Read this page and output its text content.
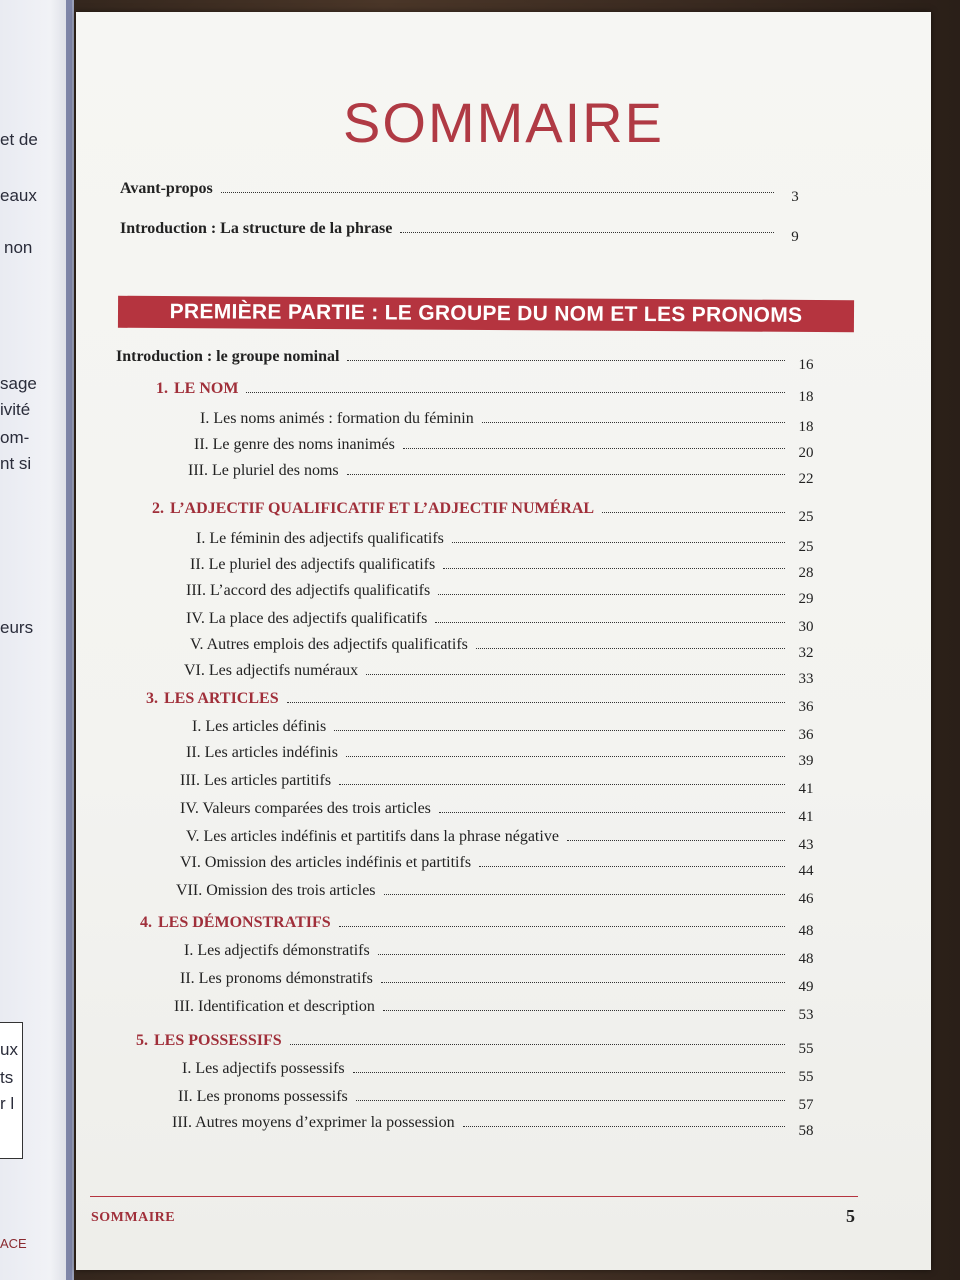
et de
eaux
non
sage
ivité
om-
nt si
eurs
ux
ts
r l
ACE
SOMMAIRE
Avant-propos	3
Introduction : La structure de la phrase	9
PREMIÈRE PARTIE : LE GROUPE DU NOM ET LES PRONOMS
Introduction : le groupe nominal	16
1. LE NOM	18
I. Les noms animés : formation du féminin	18
II. Le genre des noms inanimés	20
III. Le pluriel des noms	22
2. L’ADJECTIF QUALIFICATIF ET L’ADJECTIF NUMÉRAL	25
I. Le féminin des adjectifs qualificatifs	25
II. Le pluriel des adjectifs qualificatifs	28
III. L’accord des adjectifs qualificatifs	29
IV. La place des adjectifs qualificatifs	30
V. Autres emplois des adjectifs qualificatifs	32
VI. Les adjectifs numéraux	33
3. LES ARTICLES	36
I. Les articles définis	36
II. Les articles indéfinis	39
III. Les articles partitifs	41
IV. Valeurs comparées des trois articles	41
V. Les articles indéfinis et partitifs dans la phrase négative	43
VI. Omission des articles indéfinis et partitifs	44
VII. Omission des trois articles	46
4. LES DÉMONSTRATIFS	48
I. Les adjectifs démonstratifs	48
II. Les pronoms démonstratifs	49
III. Identification et description	53
5. LES POSSESSIFS	55
I. Les adjectifs possessifs	55
II. Les pronoms possessifs	57
III. Autres moyens d’exprimer la possession	58
SOMMAIRE	5
